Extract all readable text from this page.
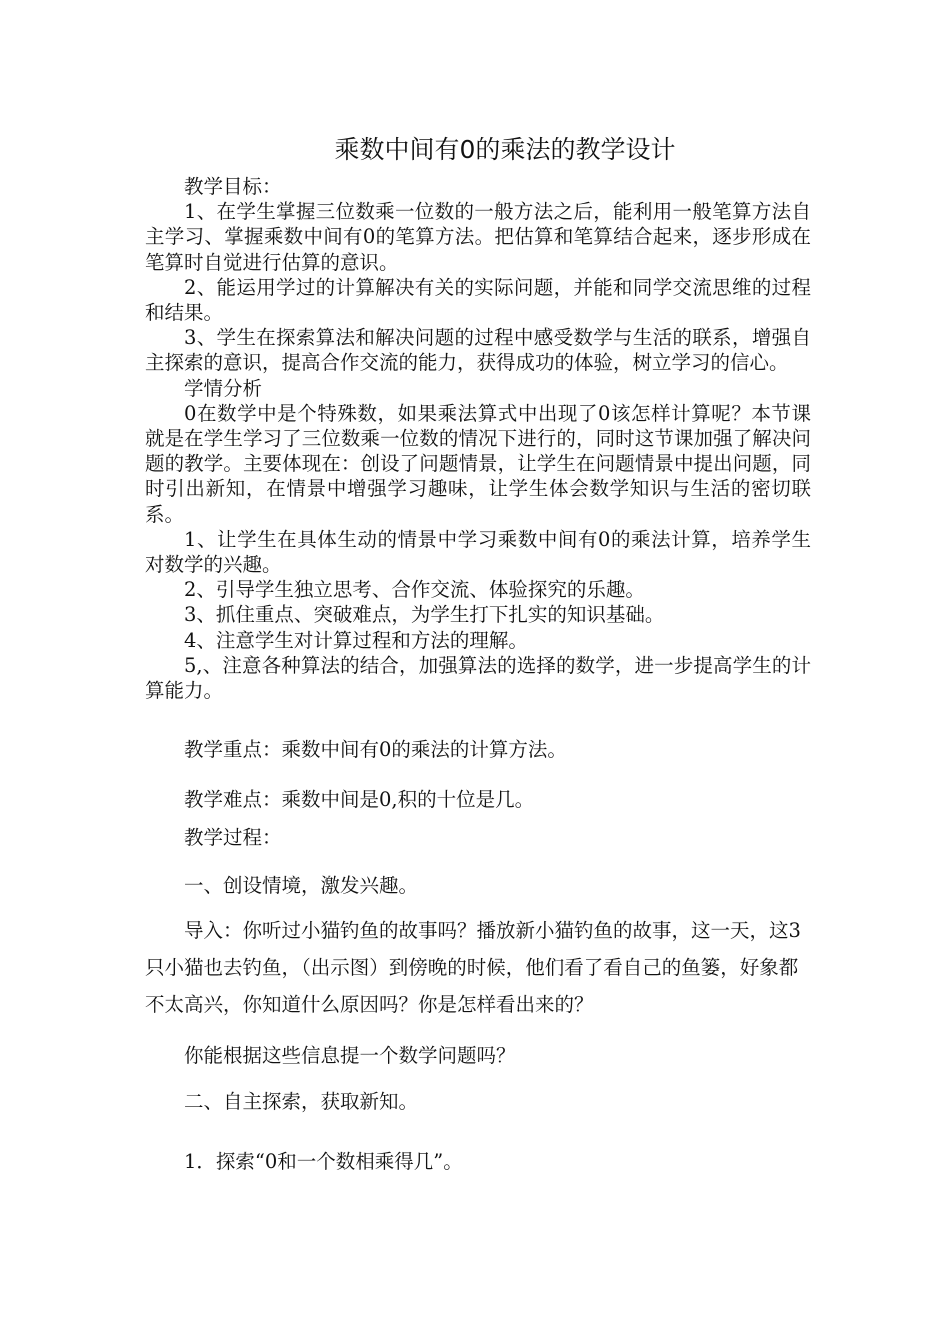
乘数中间有0的乘法的教学设计

教学目标：

1、在学生掌握三位数乘一位数的一般方法之后，能利用一般笔算方法自主学习、掌握乘数中间有0的笔算方法。把估算和笔算结合起来，逐步形成在笔算时自觉进行估算的意识。

2、能运用学过的计算解决有关的实际问题，并能和同学交流思维的过程和结果。

3、学生在探索算法和解决问题的过程中感受数学与生活的联系，增强自主探索的意识，提高合作交流的能力，获得成功的体验，树立学习的信心。

学情分析

0在数学中是个特殊数，如果乘法算式中出现了0该怎样计算呢？本节课就是在学生学习了三位数乘一位数的情况下进行的，同时这节课加强了解决问题的教学。主要体现在：创设了问题情景，让学生在问题情景中提出问题，同时引出新知，在情景中增强学习趣味，让学生体会数学知识与生活的密切联系。

1、让学生在具体生动的情景中学习乘数中间有0的乘法计算，培养学生对数学的兴趣。

2、引导学生独立思考、合作交流、体验探究的乐趣。

3、抓住重点、突破难点，为学生打下扎实的知识基础。

4、注意学生对计算过程和方法的理解。

5,、注意各种算法的结合，加强算法的选择的数学，进一步提高学生的计算能力。

教学重点：乘数中间有0的乘法的计算方法。

教学难点：乘数中间是0,积的十位是几。

教学过程：

一、创设情境，激发兴趣。

导入：你听过小猫钓鱼的故事吗？播放新小猫钓鱼的故事，这一天，这3只小猫也去钓鱼，（出示图）到傍晚的时候，他们看了看自己的鱼篓，好象都不太高兴，你知道什么原因吗？你是怎样看出来的？

你能根据这些信息提一个数学问题吗？

二、自主探索，获取新知。

1．探索“0和一个数相乘得几”。
